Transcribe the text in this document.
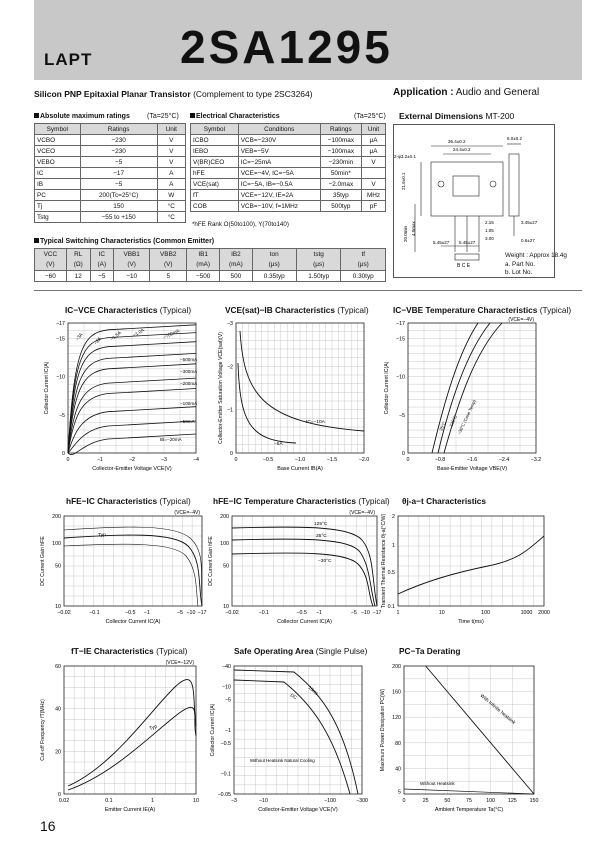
LAPT 2SA1295
Silicon PNP Epitaxial Planar Transistor (Complement to type 2SC3264)	Application : Audio and General
Absolute maximum ratings (Ta=25°C)
Symbol	Ratings	Unit
VCBO	−230	V
VCEO	−230	V
VEBO	−5	V
IC	−17	A
IB	−5	A
PC	200(Tc=25°C)	W
Tj	150	°C
Tstg	−55 to +150	°C
Electrical Characteristics	(Ta=25°C)
Symbol	Conditions	Ratings	Unit
ICBO	VCB=−230V	−100max	μA
IEBO	VEB=−5V	−100max	μA
V(BR)CEO	IC=−25mA	−230min	V
hFE	VCE=−4V, IC=−5A	50min*	
VCE(sat)	IC=−5A, IB=−0.5A	−2.0max	V
fT	VCE=−12V, IE=2A	35typ	MHz
COB	VCB=−10V, f=1MHz	500typ	pF
*hFE Rank O(50to100), Y(70to140)
Typical Switching Characteristics (Common Emitter)
VCC	RL	IC	VBB1	VBB2	IB1	IB2	ton	tstg	tf
(V)	(Ω)	(A)	(V)	(V)	(mA)	(mA)	(μs)	(μs)	(μs)
−60	12	−5	−10	5	−500	500	0.35typ	1.50typ	0.30typ
External Dimensions MT-200
36.4±0.2
24.4±0.2
6.0±0.2
2-φ3.2±0.1
21.6±0.1
20.0min 4.0max	2.15
1.05
3.00
3.45±27
5.45±27 5.45±27	0.6±27
B C E
Weight : Approx 18.4g
a. Part No.
b. Lot No.
IC−VCE Characteristics (Typical)	VCE(sat)−IB Characteristics (Typical)	IC−VBE Temperature Characteristics (Typical)
hFE−IC Characteristics (Typical)	hFE−IC Temperature Characteristics (Typical) θj-a−t Characteristics
fT−IE Characteristics (Typical)	Safe Operating Area (Single Pulse)	PC−Ta Derating
−17
−15
−10
−5
0
0	−1	−2	−3	−4
Collector-Emitter Voltage VCE(V)
Collector Current IC(A)
−2A −1.5A −1.0A	−700mA
−500mA
−300mA
−200mA
−100mA
−50mA
IB=−20mA
−3A
−3
−2
−1
0
0	−0.5	−1.0	−1.5	−2.0
Base Current IB(A)
Collector-Emitter Saturation Voltage VCE(sat)(V)	IC=−10A
−5A
−17
−15
−10
−5
0
0	−0.8	−1.6	−2.4	−3.2
Base-Emitter Voltage VBE(V)
Collector Current IC(A)
(VCE=−4V)
25°C 125°C
−30°C (Case Temp)
200
100
50
10
−0.02	−0.1	−0.5 −1	−5 −10 −17
Collector Current IC(A)
DC Current Gain hFE
(VCE=−4V)
Typ
200
100
50
10
−0.02	−0.1	−0.5 −1	−5 −10 −17
Collector Current IC(A)
DC Current Gain hFE
(VCE=−4V)
125°C
25°C
−30°C
2
1
0.5
0.1
1	10	100	1000 2000
Time t(ms)
Transient Thermal Resistance θj-a(°C/W)
60
40
20
0
0.02	0.1	1	10
Emitter Current IE(A)
Cut-off Frequency fT(MHz)
(VCE=−12V)
Typ
−40
−10
−5
−1
−0.5
−0.1
−0.05
−3	−10	−100	−300
Collector-Emitter Voltage VCE(V)
Collector Current IC(A)
10ms
DC
Without Heatsink Natural Cooling
200
160
120
80
40
5
0	25	50	75	100 125 150
Ambient Temperature Ta(°C)
Maximum Power Dissipation PC(W)	With Infinite heatsink
Without Heatsink
16
